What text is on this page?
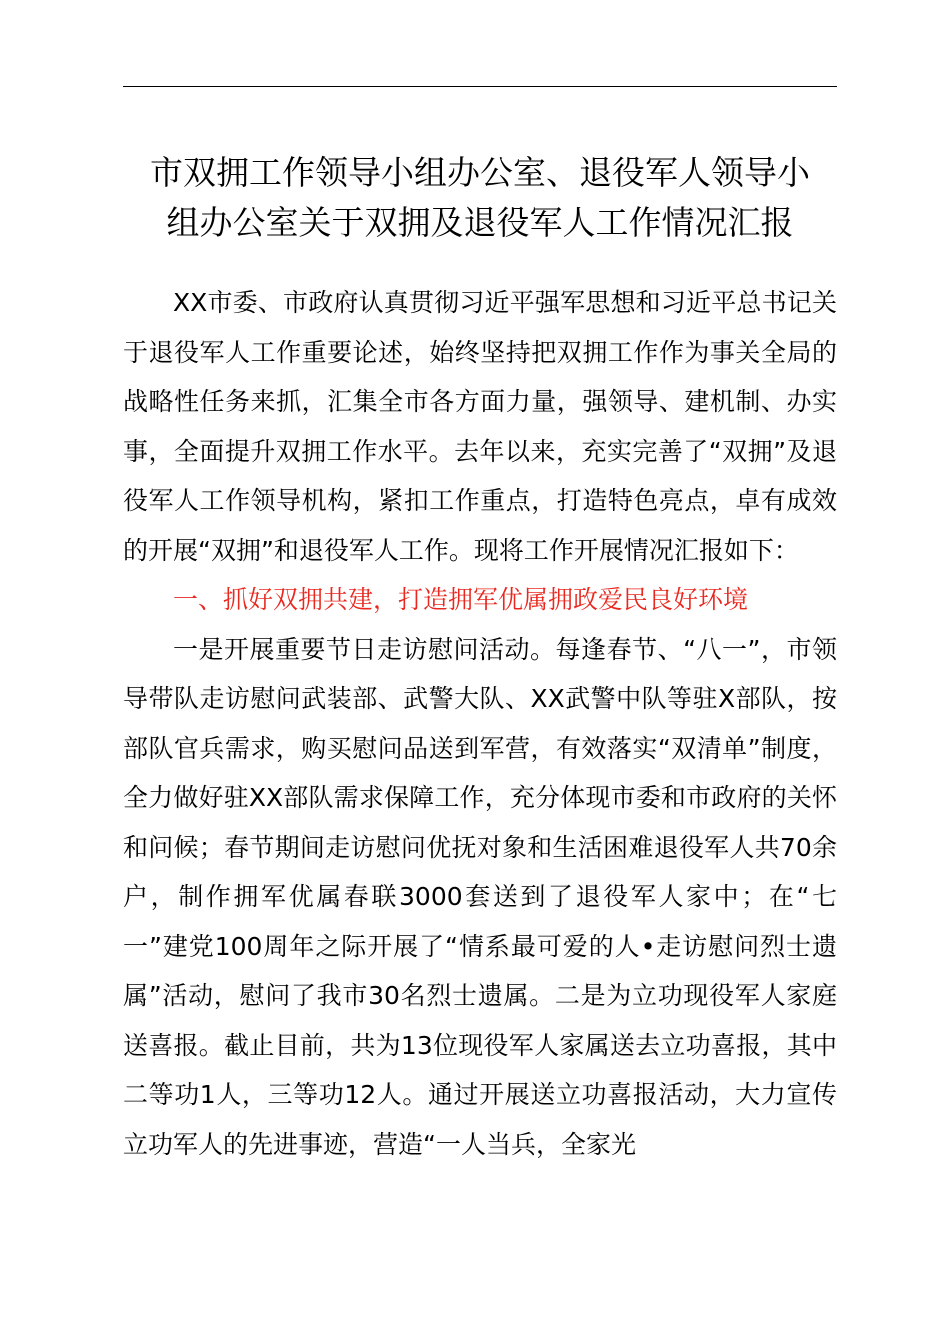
市双拥工作领导小组办公室、退役军人领导小
组办公室关于双拥及退役军人工作情况汇报

XX市委、市政府认真贯彻习近平强军思想和习近平总书记关于退役军人工作重要论述，始终坚持把双拥工作作为事关全局的战略性任务来抓，汇集全市各方面力量，强领导、建机制、办实事，全面提升双拥工作水平。去年以来，充实完善了“双拥”及退役军人工作领导机构，紧扣工作重点，打造特色亮点，卓有成效的开展“双拥”和退役军人工作。现将工作开展情况汇报如下：

一、抓好双拥共建，打造拥军优属拥政爱民良好环境

一是开展重要节日走访慰问活动。每逢春节、“八一”，市领导带队走访慰问武装部、武警大队、XX武警中队等驻X部队，按部队官兵需求，购买慰问品送到军营，有效落实“双清单”制度，全力做好驻XX部队需求保障工作，充分体现市委和市政府的关怀和问候；春节期间走访慰问优抚对象和生活困难退役军人共70余户，制作拥军优属春联3000套送到了退役军人家中；在“七一”建党100周年之际开展了“情系最可爱的人•走访慰问烈士遗属”活动，慰问了我市30名烈士遗属。二是为立功现役军人家庭送喜报。截止目前，共为13位现役军人家属送去立功喜报，其中二等功1人，三等功12人。通过开展送立功喜报活动，大力宣传立功军人的先进事迹，营造“一人当兵，全家光
